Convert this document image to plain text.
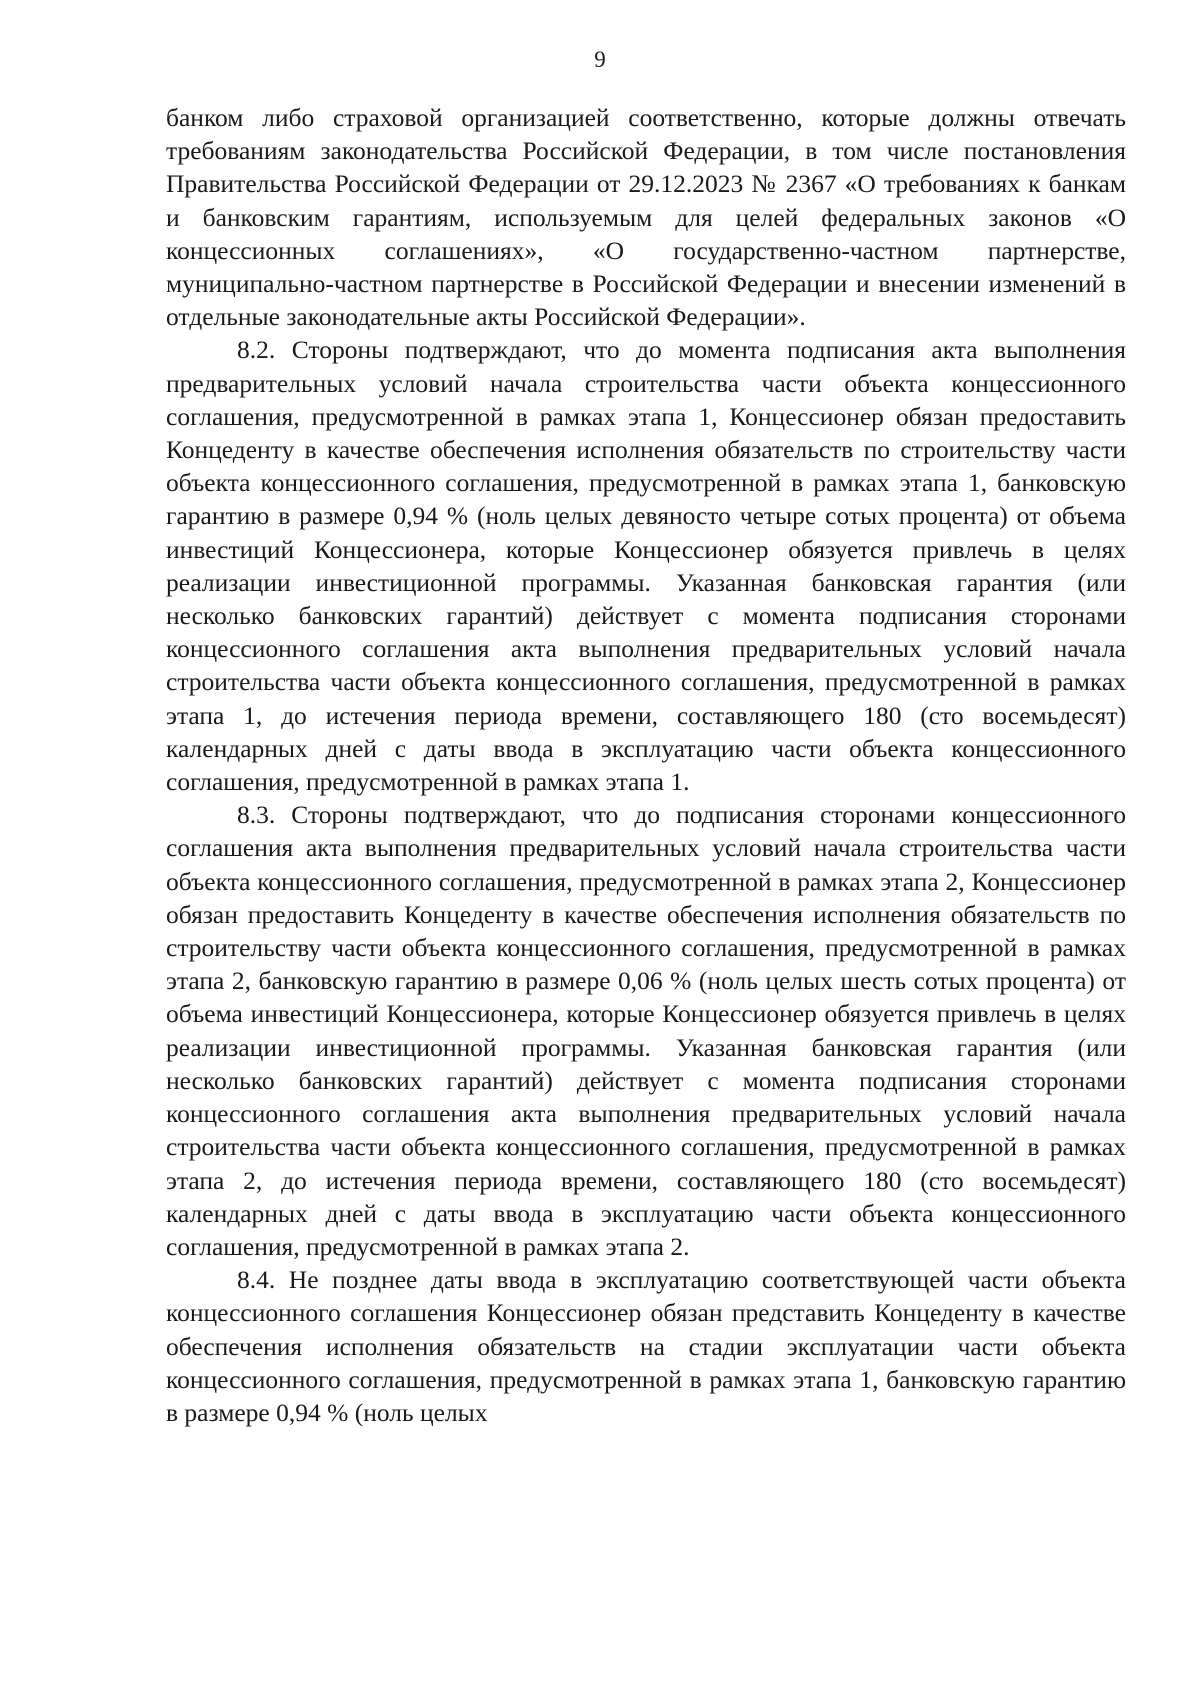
9

банком либо страховой организацией соответственно, которые должны отвечать требованиям законодательства Российской Федерации, в том числе постановления Правительства Российской Федерации от 29.12.2023 № 2367 «О требованиях к банкам и банковским гарантиям, используемым для целей федеральных законов «О концессионных соглашениях», «О государственно-частном партнерстве, муниципально-частном партнерстве в Российской Федерации и внесении изменений в отдельные законодательные акты Российской Федерации».

8.2. Стороны подтверждают, что до момента подписания акта выполнения предварительных условий начала строительства части объекта концессионного соглашения, предусмотренной в рамках этапа 1, Концессионер обязан предоставить Концеденту в качестве обеспечения исполнения обязательств по строительству части объекта концессионного соглашения, предусмотренной в рамках этапа 1, банковскую гарантию в размере 0,94 % (ноль целых девяносто четыре сотых процента) от объема инвестиций Концессионера, которые Концессионер обязуется привлечь в целях реализации инвестиционной программы. Указанная банковская гарантия (или несколько банковских гарантий) действует с момента подписания сторонами концессионного соглашения акта выполнения предварительных условий начала строительства части объекта концессионного соглашения, предусмотренной в рамках этапа 1, до истечения периода времени, составляющего 180 (сто восемьдесят) календарных дней с даты ввода в эксплуатацию части объекта концессионного соглашения, предусмотренной в рамках этапа 1.

8.3. Стороны подтверждают, что до подписания сторонами концессионного соглашения акта выполнения предварительных условий начала строительства части объекта концессионного соглашения, предусмотренной в рамках этапа 2, Концессионер обязан предоставить Концеденту в качестве обеспечения исполнения обязательств по строительству части объекта концессионного соглашения, предусмотренной в рамках этапа 2, банковскую гарантию в размере 0,06 % (ноль целых шесть сотых процента) от объема инвестиций Концессионера, которые Концессионер обязуется привлечь в целях реализации инвестиционной программы. Указанная банковская гарантия (или несколько банковских гарантий) действует с момента подписания сторонами концессионного соглашения акта выполнения предварительных условий начала строительства части объекта концессионного соглашения, предусмотренной в рамках этапа 2, до истечения периода времени, составляющего 180 (сто восемьдесят) календарных дней с даты ввода в эксплуатацию части объекта концессионного соглашения, предусмотренной в рамках этапа 2.

8.4. Не позднее даты ввода в эксплуатацию соответствующей части объекта концессионного соглашения Концессионер обязан представить Концеденту в качестве обеспечения исполнения обязательств на стадии эксплуатации части объекта концессионного соглашения, предусмотренной в рамках этапа 1, банковскую гарантию в размере 0,94 % (ноль целых
